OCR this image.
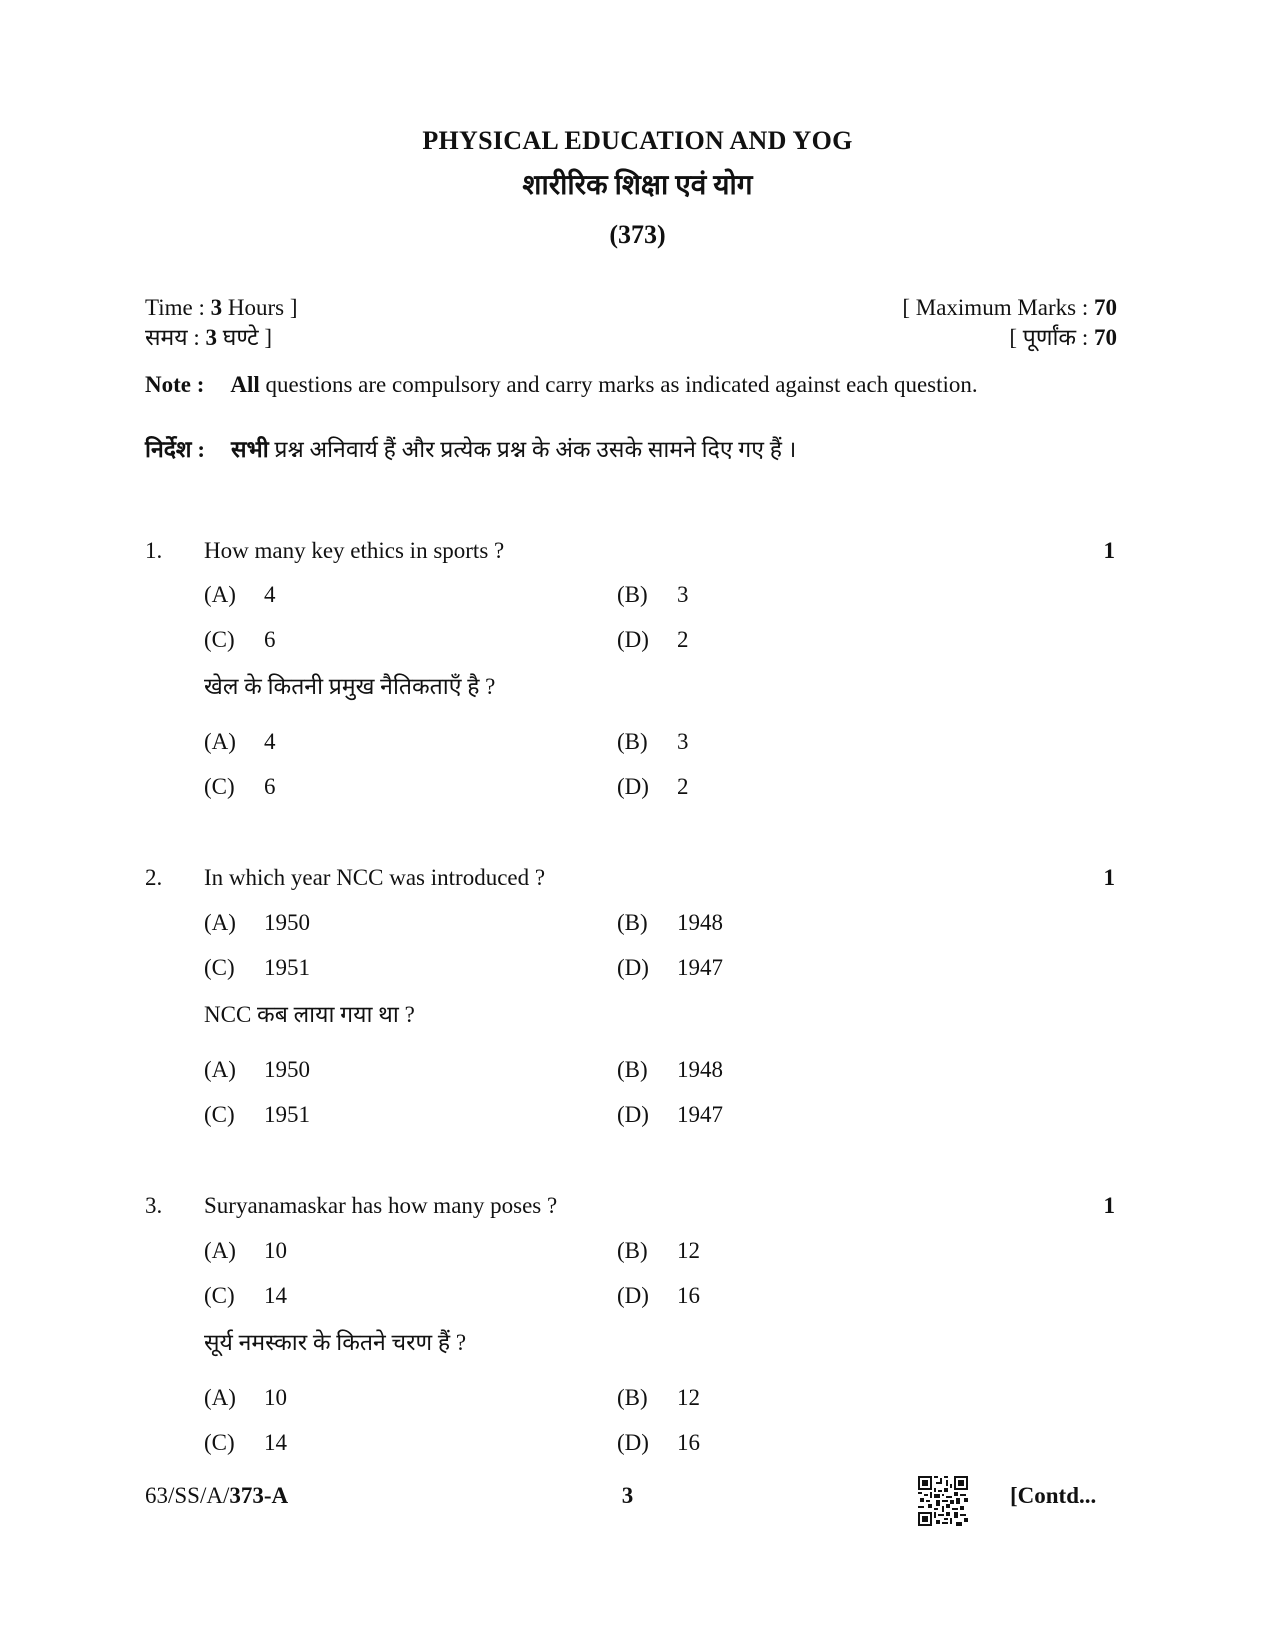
PHYSICAL EDUCATION AND YOG
शारीरिक शिक्षा एवं योग
(373)
Time : 3 Hours ]
समय : 3 घण्टे ]
[ Maximum Marks : 70
[ पूर्णांक : 70
Note : All questions are compulsory and carry marks as indicated against each question.
निर्देश : सभी प्रश्न अनिवार्य हैं और प्रत्येक प्रश्न के अंक उसके सामने दिए गए हैं ।
1. How many key ethics in sports ?	1
(A) 4	(B) 3
(C) 6	(D) 2
खेल के कितनी प्रमुख नैतिकताएँ है ?
(A) 4	(B) 3
(C) 6	(D) 2
2. In which year NCC was introduced ?	1
(A) 1950	(B) 1948
(C) 1951	(D) 1947
NCC कब लाया गया था ?
(A) 1950	(B) 1948
(C) 1951	(D) 1947
3. Suryanamaskar has how many poses ?	1
(A) 10	(B) 12
(C) 14	(D) 16
सूर्य नमस्कार के कितने चरण हैं ?
(A) 10	(B) 12
(C) 14	(D) 16
63/SS/A/373-A	3	[Contd...
